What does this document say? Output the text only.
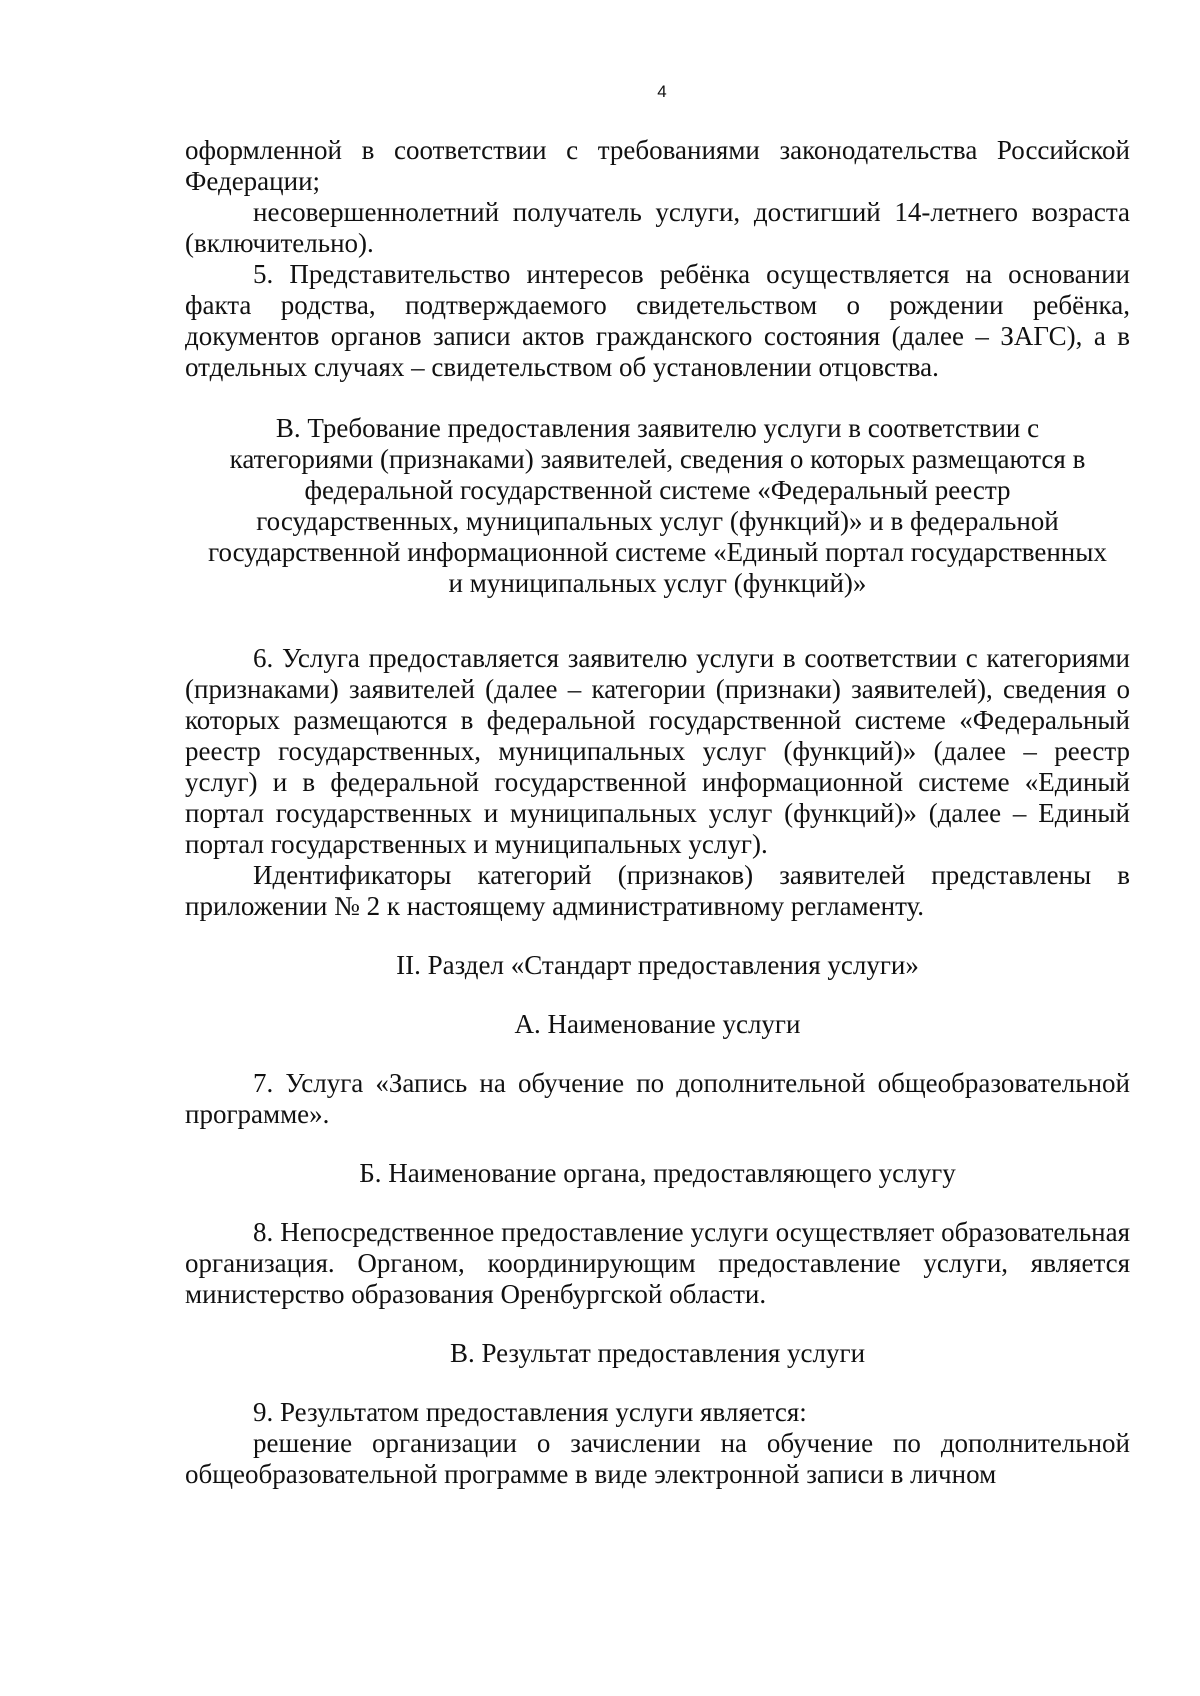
4

оформленной в соответствии с требованиями законодательства Российской Федерации;

несовершеннолетний получатель услуги, достигший 14-летнего возраста (включительно).

5. Представительство интересов ребёнка осуществляется на основании факта родства, подтверждаемого свидетельством о рождении ребёнка, документов органов записи актов гражданского состояния (далее – ЗАГС), а в отдельных случаях – свидетельством об установлении отцовства.

В. Требование предоставления заявителю услуги в соответствии с категориями (признаками) заявителей, сведения о которых размещаются в федеральной государственной системе «Федеральный реестр государственных, муниципальных услуг (функций)» и в федеральной государственной информационной системе «Единый портал государственных и муниципальных услуг (функций)»

6. Услуга предоставляется заявителю услуги в соответствии с категориями (признаками) заявителей (далее – категории (признаки) заявителей), сведения о которых размещаются в федеральной государственной системе «Федеральный реестр государственных, муниципальных услуг (функций)» (далее – реестр услуг) и в федеральной государственной информационной системе «Единый портал государственных и муниципальных услуг (функций)» (далее – Единый портал государственных и муниципальных услуг).

Идентификаторы категорий (признаков) заявителей представлены в приложении № 2 к настоящему административному регламенту.

II. Раздел «Стандарт предоставления услуги»

А. Наименование услуги

7. Услуга «Запись на обучение по дополнительной общеобразовательной программе».

Б. Наименование органа, предоставляющего услугу

8. Непосредственное предоставление услуги осуществляет образовательная организация. Органом, координирующим предоставление услуги, является министерство образования Оренбургской области.

В. Результат предоставления услуги

9. Результатом предоставления услуги является:

решение организации о зачислении на обучение по дополнительной общеобразовательной программе в виде электронной записи в личном
